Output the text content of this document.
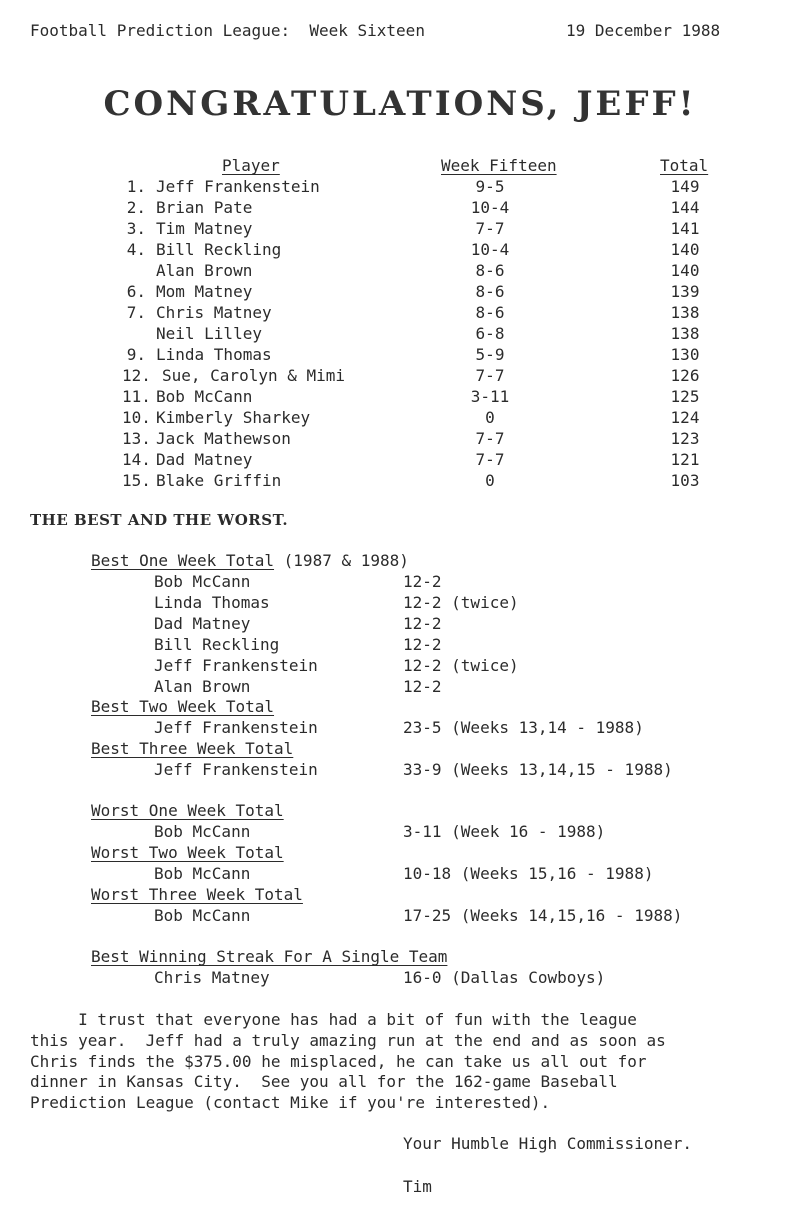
Football Prediction League:  Week Sixteen	19 December 1988
CONGRATULATIONS, JEFF!
Player	Week Fifteen	Total
1. Jeff Frankenstein	9-5	149
2. Brian Pate	10-4	144
3. Tim Matney	7-7	141
4. Bill Reckling	10-4	140
Alan Brown	8-6	140
6. Mom Matney	8-6	139
7. Chris Matney	8-6	138
Neil Lilley	6-8	138
9. Linda Thomas	5-9	130
12. Sue, Carolyn & Mimi	7-7	126
11. Bob McCann	3-11	125
10. Kimberly Sharkey	0	124
13. Jack Mathewson	7-7	123
14. Dad Matney	7-7	121
15. Blake Griffin	0	103
THE BEST AND THE WORST.
Best One Week Total (1987 & 1988)
Bob McCann	12-2
Linda Thomas	12-2 (twice)
Dad Matney	12-2
Bill Reckling	12-2
Jeff Frankenstein	12-2 (twice)
Alan Brown	12-2
Best Two Week Total
Jeff Frankenstein	23-5 (Weeks 13,14 - 1988)
Best Three Week Total
Jeff Frankenstein	33-9 (Weeks 13,14,15 - 1988)
Worst One Week Total
Bob McCann	3-11 (Week 16 - 1988)
Worst Two Week Total
Bob McCann	10-18 (Weeks 15,16 - 1988)
Worst Three Week Total
Bob McCann	17-25 (Weeks 14,15,16 - 1988)
Best Winning Streak For A Single Team
Chris Matney	16-0 (Dallas Cowboys)

I trust that everyone has had a bit of fun with the league

this year.  Jeff had a truly amazing run at the end and as soon as

Chris finds the $375.00 he misplaced, he can take us all out for

dinner in Kansas City.  See you all for the 162-game Baseball

Prediction League (contact Mike if you're interested).

Your Humble High Commissioner.
Tim
